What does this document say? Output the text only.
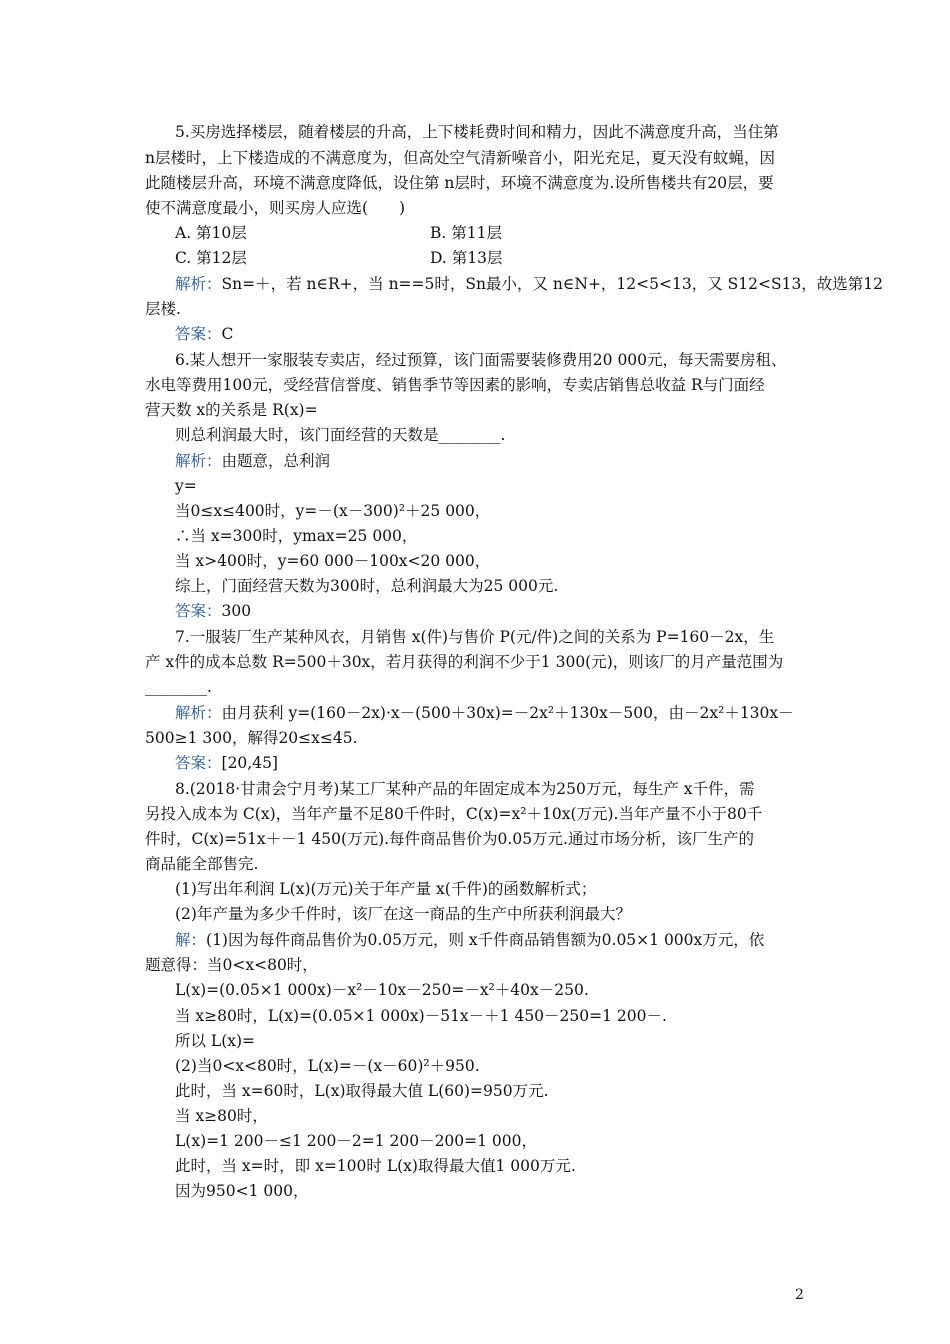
5.买房选择楼层，随着楼层的升高，上下楼耗费时间和精力，因此不满意度升高，当住第
n层楼时，上下楼造成的不满意度为，但高处空气清新噪音小，阳光充足，夏天没有蚊蝇，因
此随楼层升高，环境不满意度降低，设住第 n层时，环境不满意度为.设所售楼共有20层，要
使不满意度最小，则买房人应选(　　)
A. 第10层	B. 第11层
C. 第12层	D. 第13层
解析：Sn=＋，若 n∈R+，当 n==5时，Sn最小，又 n∈N+，12<5<13，又 S12<S13，故选第12
层楼.
答案：C
6.某人想开一家服装专卖店，经过预算，该门面需要装修费用20 000元，每天需要房租、
水电等费用100元，受经营信誉度、销售季节等因素的影响，专卖店销售总收益 R与门面经
营天数 x的关系是 R(x)=
则总利润最大时，该门面经营的天数是________.
解析：由题意，总利润
y=
当0≤x≤400时，y=－(x－300)²＋25 000，
∴当 x=300时，ymax=25 000，
当 x>400时，y=60 000－100x<20 000，
综上，门面经营天数为300时，总利润最大为25 000元.
答案：300
7.一服装厂生产某种风衣，月销售 x(件)与售价 P(元/件)之间的关系为 P=160－2x，生
产 x件的成本总数 R=500＋30x，若月获得的利润不少于1 300(元)，则该厂的月产量范围为
________.
解析：由月获利 y=(160－2x)·x－(500＋30x)=－2x²＋130x－500，由－2x²＋130x－
500≥1 300，解得20≤x≤45.
答案：[20,45]
8.(2018·甘肃会宁月考)某工厂某种产品的年固定成本为250万元，每生产 x千件，需
另投入成本为 C(x)，当年产量不足80千件时，C(x)=x²＋10x(万元).当年产量不小于80千
件时，C(x)=51x＋－1 450(万元).每件商品售价为0.05万元.通过市场分析，该厂生产的
商品能全部售完.
(1)写出年利润 L(x)(万元)关于年产量 x(千件)的函数解析式；
(2)年产量为多少千件时，该厂在这一商品的生产中所获利润最大？
解：(1)因为每件商品售价为0.05万元，则 x千件商品销售额为0.05×1 000x万元，依
题意得：当0<x<80时，
L(x)=(0.05×1 000x)－x²－10x－250=－x²＋40x－250.
当 x≥80时，L(x)=(0.05×1 000x)－51x－＋1 450－250=1 200－.
所以 L(x)=
(2)当0<x<80时，L(x)=－(x－60)²＋950.
此时，当 x=60时，L(x)取得最大值 L(60)=950万元.
当 x≥80时，
L(x)=1 200－≤1 200－2=1 200－200=1 000，
此时，当 x=时，即 x=100时 L(x)取得最大值1 000万元.
因为950<1 000，
2
